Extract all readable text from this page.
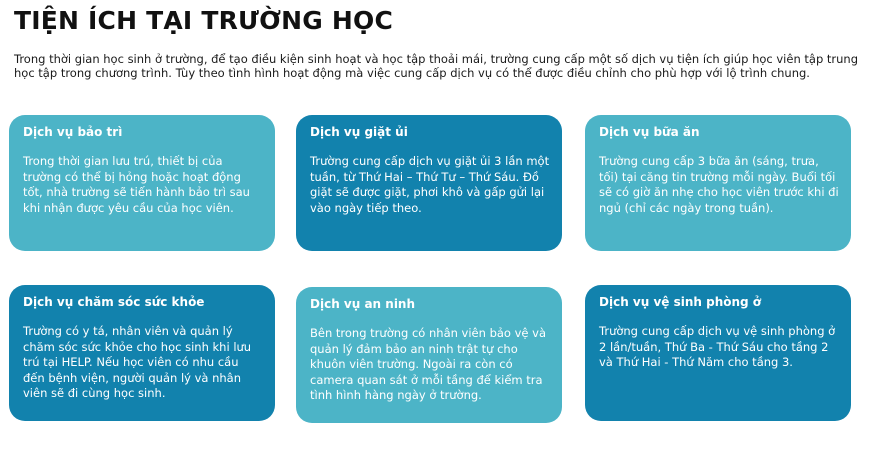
TIỆN ÍCH TẠI TRƯỜNG HỌC

Trong thời gian học sinh ở trường, để tạo điều kiện sinh hoạt và học tập thoải mái, trường cung cấp một số dịch vụ tiện ích giúp học viên tập trung học tập trong chương trình. Tùy theo tình hình hoạt động mà việc cung cấp dịch vụ có thể được điều chỉnh cho phù hợp với lộ trình chung.

Dịch vụ bảo trì

Trong thời gian lưu trú, thiết bị của trường có thể bị hỏng hoặc hoạt động tốt, nhà trường sẽ tiến hành bảo trì sau khi nhận được yêu cầu của học viên.

Dịch vụ giặt ủi

Trường cung cấp dịch vụ giặt ủi 3 lần một tuần, từ Thứ Hai – Thứ Tư – Thứ Sáu. Đồ giặt sẽ được giặt, phơi khô và gấp gửi lại vào ngày tiếp theo.

Dịch vụ bữa ăn

Trường cung cấp 3 bữa ăn (sáng, trưa, tối) tại căng tin trường mỗi ngày. Buổi tối sẽ có giờ ăn nhẹ cho học viên trước khi đi ngủ (chỉ các ngày trong tuần).

Dịch vụ chăm sóc sức khỏe

Trường có y tá, nhân viên và quản lý chăm sóc sức khỏe cho học sinh khi lưu trú tại HELP. Nếu học viên có nhu cầu đến bệnh viện, người quản lý và nhân viên sẽ đi cùng học sinh.

Dịch vụ an ninh

Bên trong trường có nhân viên bảo vệ và quản lý đảm bảo an ninh trật tự cho khuôn viên trường. Ngoài ra còn có camera quan sát ở mỗi tầng để kiểm tra tình hình hàng ngày ở trường.

Dịch vụ vệ sinh phòng ở

Trường cung cấp dịch vụ vệ sinh phòng ở 2 lần/tuần, Thứ Ba - Thứ Sáu cho tầng 2 và Thứ Hai - Thứ Năm cho tầng 3.
